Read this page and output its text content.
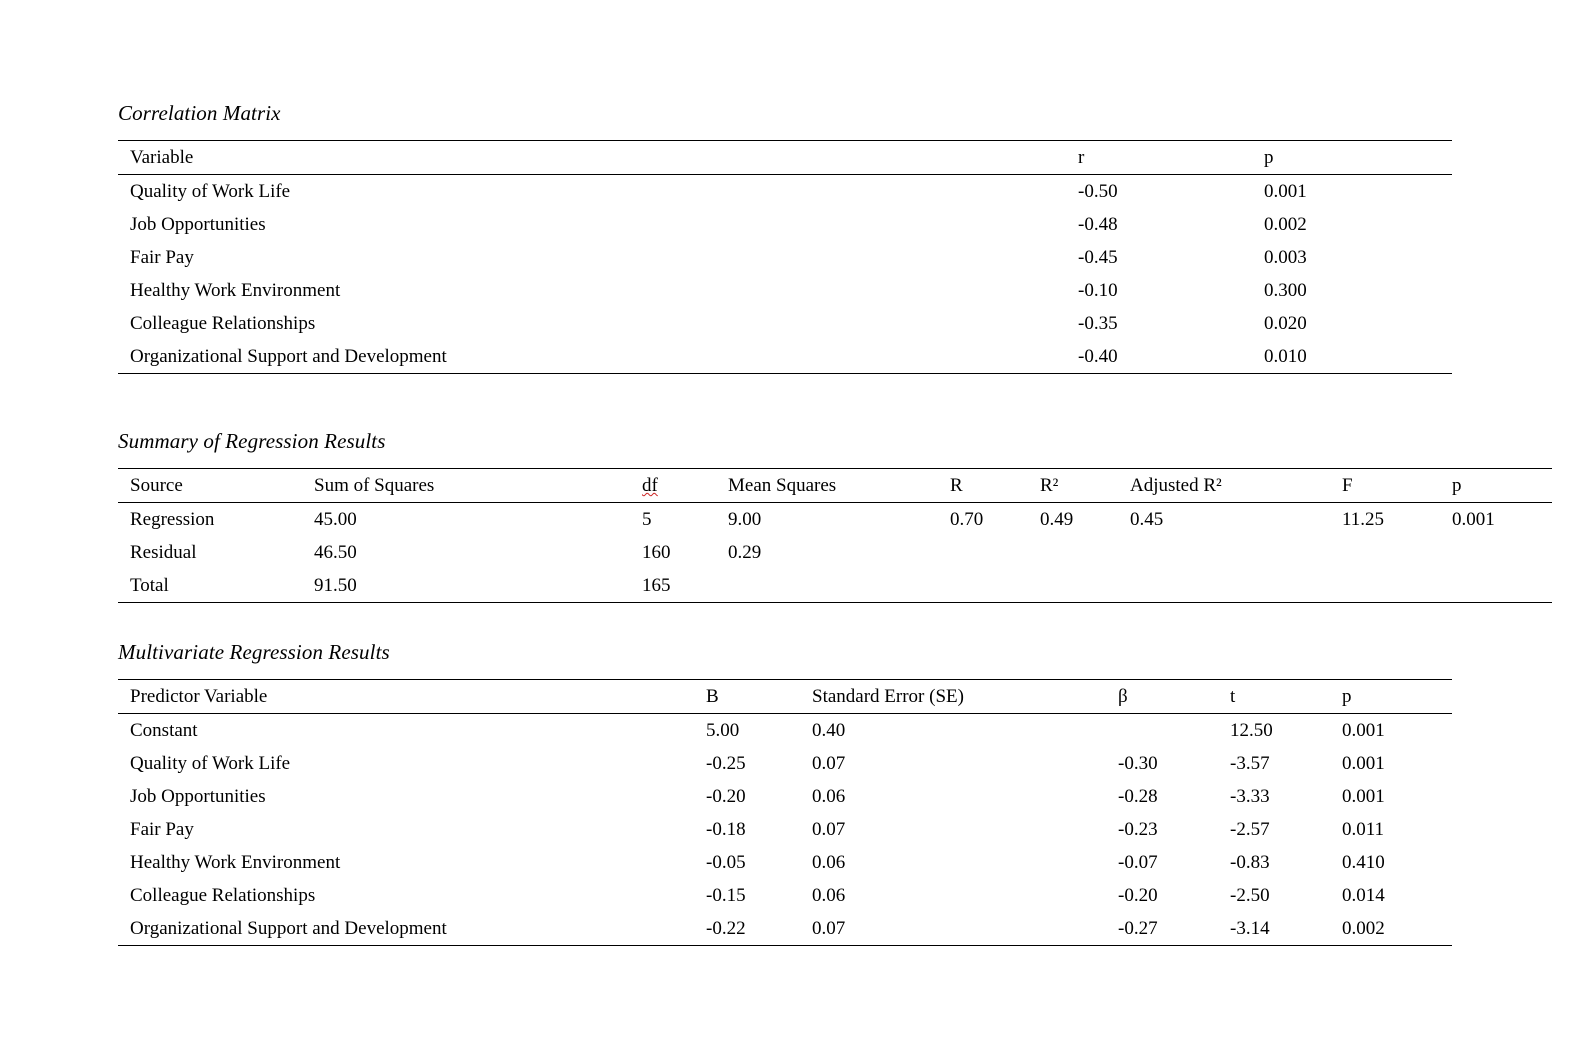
Correlation Matrix
Variable	r	p
Quality of Work Life	-0.50	0.001
Job Opportunities	-0.48	0.002
Fair Pay	-0.45	0.003
Healthy Work Environment	-0.10	0.300
Colleague Relationships	-0.35	0.020
Organizational Support and Development	-0.40	0.010
Summary of Regression Results
Source	Sum of Squares	df	Mean Squares	R	R²	Adjusted R²	F	p
Regression	45.00	5	9.00	0.70	0.49	0.45	11.25	0.001
Residual	46.50	160	0.29					
Total	91.50	165						
Multivariate Regression Results
Predictor Variable	B	Standard Error (SE)	β	t	p
Constant	5.00	0.40		12.50	0.001
Quality of Work Life	-0.25	0.07	-0.30	-3.57	0.001
Job Opportunities	-0.20	0.06	-0.28	-3.33	0.001
Fair Pay	-0.18	0.07	-0.23	-2.57	0.011
Healthy Work Environment	-0.05	0.06	-0.07	-0.83	0.410
Colleague Relationships	-0.15	0.06	-0.20	-2.50	0.014
Organizational Support and Development	-0.22	0.07	-0.27	-3.14	0.002
